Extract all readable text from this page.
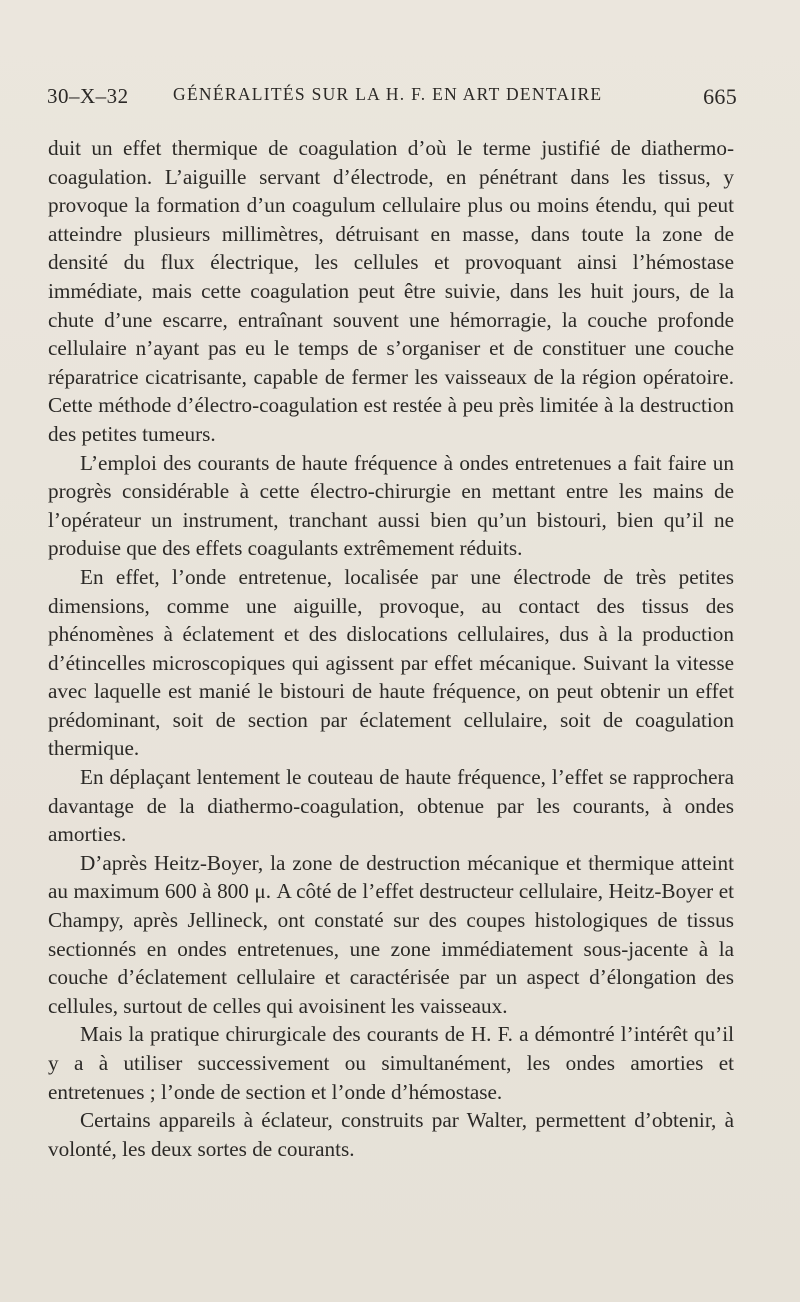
30–X–32	GÉNÉRALITÉS SUR LA H. F. EN ART DENTAIRE	665

duit un effet thermique de coagulation d’où le terme justifié de diathermo-coagulation. L’aiguille servant d’électrode, en pénétrant dans les tissus, y provoque la formation d’un coagulum cellulaire plus ou moins étendu, qui peut atteindre plusieurs millimètres, détruisant en masse, dans toute la zone de densité du flux électrique, les cellules et provoquant ainsi l’hémostase immédiate, mais cette coagulation peut être suivie, dans les huit jours, de la chute d’une escarre, entraînant souvent une hémorragie, la couche profonde cellulaire n’ayant pas eu le temps de s’organiser et de constituer une couche réparatrice cicatrisante, capable de fermer les vaisseaux de la région opératoire. Cette méthode d’électro-coagulation est restée à peu près limitée à la destruction des petites tumeurs.

L’emploi des courants de haute fréquence à ondes entretenues a fait faire un progrès considérable à cette électro-chirurgie en mettant entre les mains de l’opérateur un instrument, tranchant aussi bien qu’un bistouri, bien qu’il ne produise que des effets coagulants extrêmement réduits.

En effet, l’onde entretenue, localisée par une électrode de très petites dimensions, comme une aiguille, provoque, au contact des tissus des phénomènes à éclatement et des dislocations cellulaires, dus à la production d’étincelles microscopiques qui agissent par effet mécanique. Suivant la vitesse avec laquelle est manié le bistouri de haute fréquence, on peut obtenir un effet prédominant, soit de section par éclatement cellulaire, soit de coagulation thermique.

En déplaçant lentement le couteau de haute fréquence, l’effet se rapprochera davantage de la diathermo-coagulation, obtenue par les courants, à ondes amorties.

D’après Heitz-Boyer, la zone de destruction mécanique et thermique atteint au maximum 600 à 800 μ. A côté de l’effet destructeur cellulaire, Heitz-Boyer et Champy, après Jellineck, ont constaté sur des coupes histologiques de tissus sectionnés en ondes entretenues, une zone immédiatement sous-jacente à la couche d’éclatement cellulaire et caractérisée par un aspect d’élongation des cellules, surtout de celles qui avoisinent les vaisseaux.

Mais la pratique chirurgicale des courants de H. F. a démontré l’intérêt qu’il y a à utiliser successivement ou simultanément, les ondes amorties et entretenues ; l’onde de section et l’onde d’hémostase.

Certains appareils à éclateur, construits par Walter, permettent d’obtenir, à volonté, les deux sortes de courants.
